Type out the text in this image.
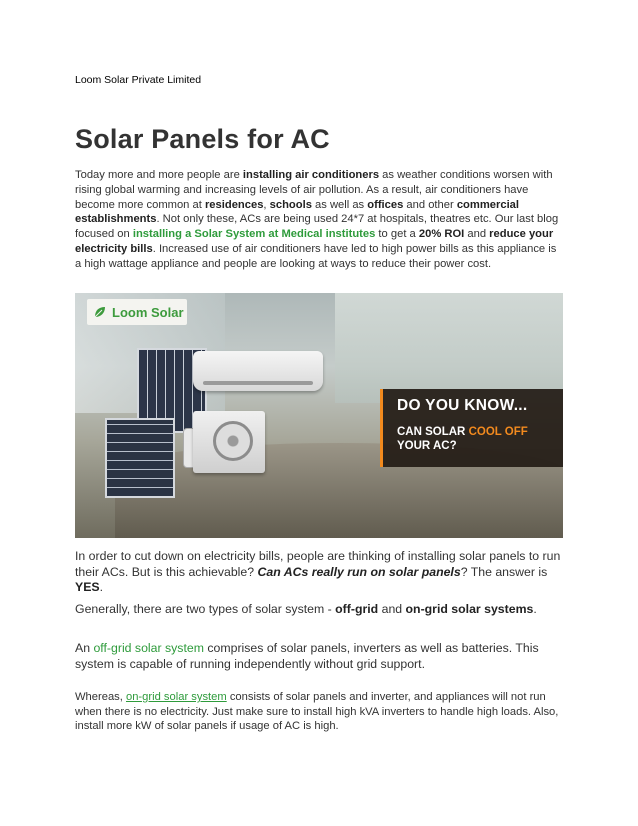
Loom Solar Private Limited
Solar Panels for AC

Today more and more people are installing air conditioners as weather conditions worsen with rising global warming and increasing levels of air pollution. As a result, air conditioners have become more common at residences, schools as well as offices and other commercial establishments. Not only these, ACs are being used 24*7 at hospitals, theatres etc. Our last blog focused on installing a Solar System at Medical institutes to get a 20% ROI and reduce your electricity bills. Increased use of air conditioners have led to high power bills as this appliance is a high wattage appliance and people are looking at ways to reduce their power cost.

Loom Solar
DO YOU KNOW...
CAN SOLAR COOL OFF
YOUR AC?

In order to cut down on electricity bills, people are thinking of installing solar panels to run their ACs. But is this achievable? Can ACs really run on solar panels? The answer is YES.

Generally, there are two types of solar system - off-grid and on-grid solar systems.

An off-grid solar system comprises of solar panels, inverters as well as batteries. This system is capable of running independently without grid support.

Whereas, on-grid solar system consists of solar panels and inverter, and appliances will not run when there is no electricity. Just make sure to install high kVA inverters to handle high loads. Also, install more kW of solar panels if usage of AC is high.
